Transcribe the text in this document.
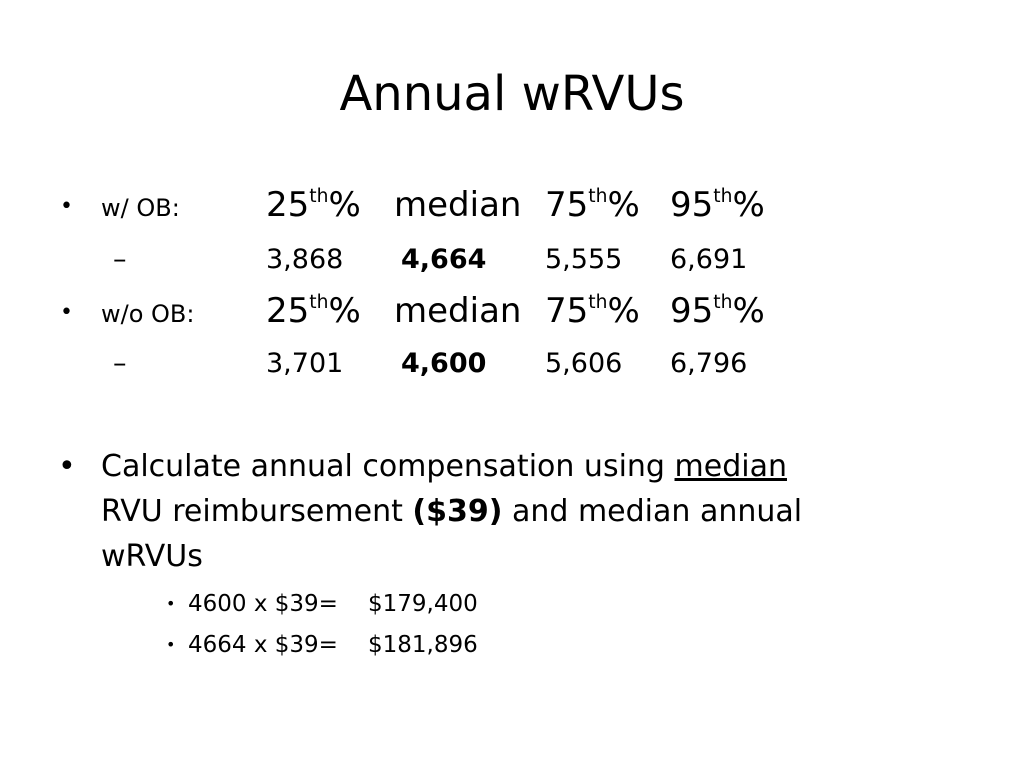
Annual wRVUs
• w/ OB:	25th% median 75th% 95th%
–	3,868 4,664 5,555 6,691
• w/o OB: 25th% median 75th% 95th%
–	3,701 4,600 5,606 6,796
• Calculate annual compensation using median
RVU reimbursement ($39) and median annual
wRVUs
• 4600 x $39= $179,400
• 4664 x $39= $181,896
